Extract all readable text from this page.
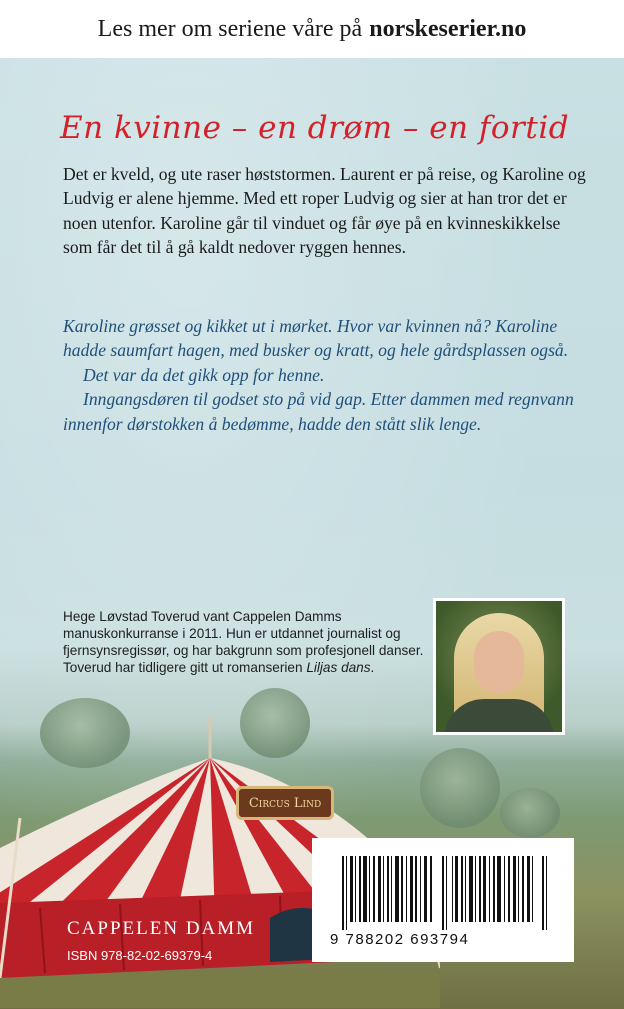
Les mer om seriene våre på norskeserier.no
En kvinne – en drøm – en fortid
Det er kveld, og ute raser høststormen. Laurent er på reise, og Karoline og Ludvig er alene hjemme. Med ett roper Ludvig og sier at han tror det er noen utenfor. Karoline går til vinduet og får øye på en kvinneskikkelse som får det til å gå kaldt nedover ryggen hennes.

Karoline grøsset og kikket ut i mørket. Hvor var kvinnen nå? Karoline hadde saumfart hagen, med busker og kratt, og hele gårdsplassen også.

Det var da det gikk opp for henne.

Inngangsdøren til godset sto på vid gap. Etter dammen med regnvann innenfor dørstokken å bedømme, hadde den stått slik lenge.

Hege Løvstad Toverud vant Cappelen Damms manuskonkurranse i 2011. Hun er utdannet journalist og fjernsynsregissør, og har bakgrunn som profesjonell danser. Toverud har tidligere gitt ut romanserien Liljas dans.
Circus Lind
9 788202 693794
CAPPELEN DAMM
ISBN 978-82-02-69379-4
